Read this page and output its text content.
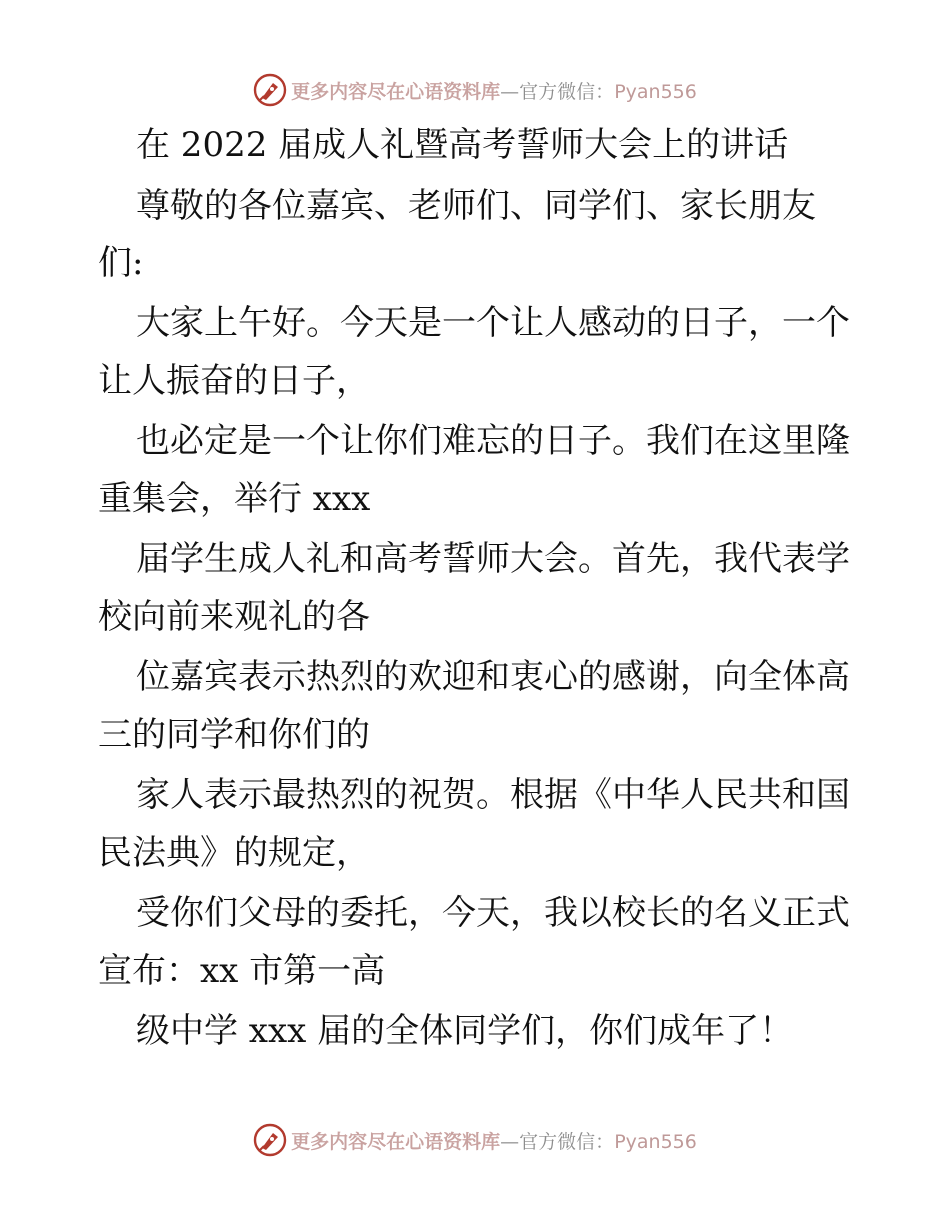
更多内容尽在心语资料库—官方微信：Pyan556
在 2022 届成人礼暨高考誓师大会上的讲话
尊敬的各位嘉宾、老师们、同学们、家长朋友
们:
大家上午好。今天是一个让人感动的日子，一个
让人振奋的日子，
也必定是一个让你们难忘的日子。我们在这里隆
重集会，举行 xxx
届学生成人礼和高考誓师大会。首先，我代表学
校向前来观礼的各
位嘉宾表示热烈的欢迎和衷心的感谢，向全体高
三的同学和你们的
家人表示最热烈的祝贺。根据《中华人民共和国
民法典》的规定，
受你们父母的委托，今天，我以校长的名义正式
宣布：xx 市第一高
级中学 xxx 届的全体同学们，你们成年了！
更多内容尽在心语资料库—官方微信：Pyan556
